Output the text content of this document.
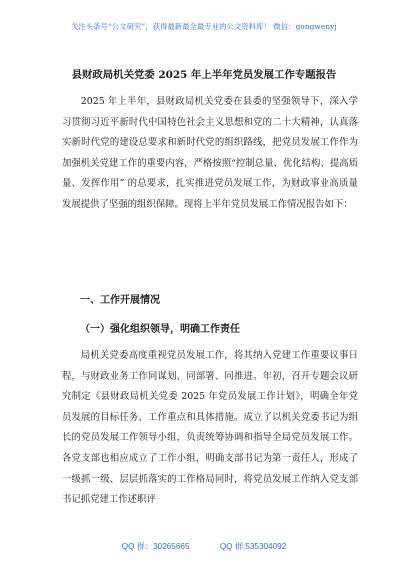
关注头条号“公文研究”，获得最新最全最专业的公文资料库！ 微信：gongwenyj
县财政局机关党委 2025 年上半年党员发展工作专题报告

2025 年上半年，县财政局机关党委在县委的坚强领导下，深入学习贯彻习近平新时代中国特色社会主义思想和党的二十大精神，认真落实新时代党的建设总要求和新时代党的组织路线，把党员发展工作作为加强机关党建工作的重要内容，严格按照“控制总量、优化结构、提高质量、发挥作用” 的总要求，扎实推进党员发展工作，为财政事业高质量发展提供了坚强的组织保障。现将上半年党员发展工作情况报告如下：

一、工作开展情况
（一）强化组织领导，明确工作责任

局机关党委高度重视党员发展工作，将其纳入党建工作重要议事日程，与财政业务工作同谋划、同部署、同推进。年初，召开专题会议研究制定《县财政局机关党委 2025 年党员发展工作计划》，明确全年党员发展的目标任务、工作重点和具体措施。成立了以机关党委书记为组长的党员发展工作领导小组，负责统筹协调和指导全局党员发展工作。各党支部也相应成立了工作小组，明确支部书记为第一责任人，形成了一级抓一级、层层抓落实的工作格局同时，将党员发展工作纳入党支部书记抓党建工作述职评

QQ 群：30265665	QQ 群:535304092
